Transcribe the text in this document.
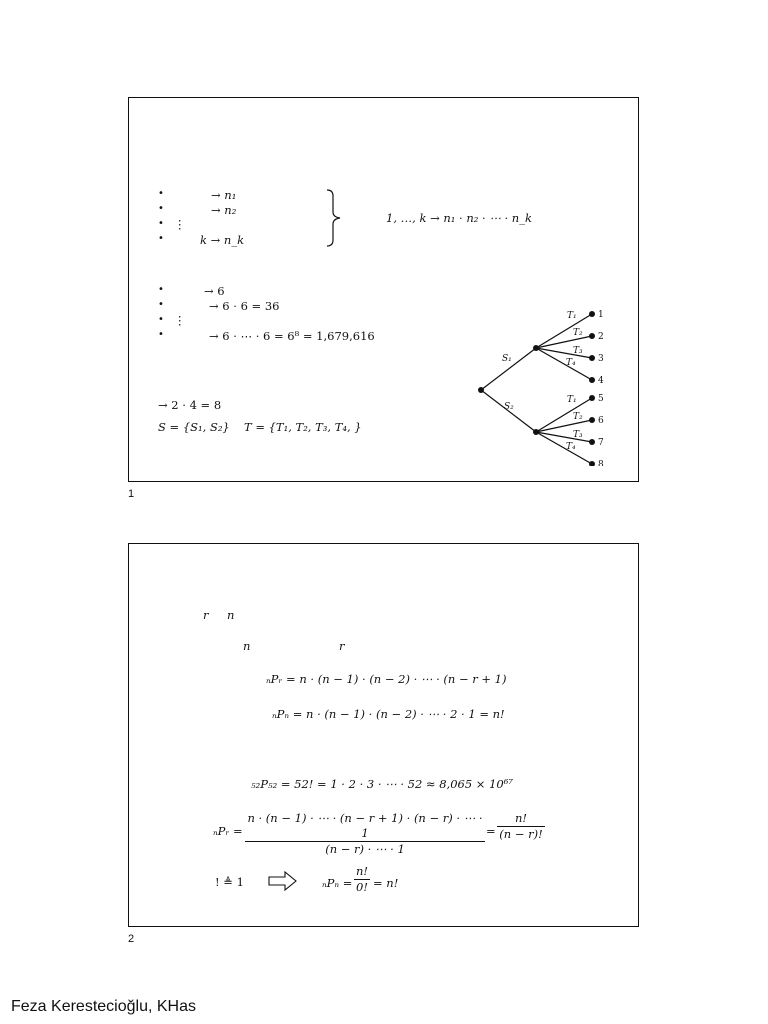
•	→ n₁
•	→ n₂
• ⋮
•	k → n_k
1, …, k → n₁ · n₂ · ⋯ · n_k
•	→ 6
•	→ 6 · 6 = 36
• ⋮
•	→ 6 · ⋯ · 6 = 6⁸ = 1,679,616
→ 2 · 4 = 8
S = {S₁, S₂} T = {T₁, T₂, T₃, T₄, }
S₁
S₂
T₁
T₂
T₃
T₄
T₁
T₂
T₃
T₄
1
2
3
4
5
6
7
8
1
r n
n	r
ₙPᵣ = n · (n − 1) · (n − 2) · ⋯ · (n − r + 1)
ₙPₙ = n · (n − 1) · (n − 2) · ⋯ · 2 · 1 = n!
₅₂P₅₂ = 52! = 1 · 2 · 3 · ⋯ · 52 ≈ 8,065 × 10⁶⁷
ₙPᵣ = $\frac{n \cdot (n - 1) \cdot \cdots \cdot (n - r + 1) \cdot (n - r) \cdot \cdots \cdot 1}{(n - r) \cdot \cdots \cdot 1} = \frac{n!}{(n - r)!}$
! ≜ 1	$_nP_n = \frac{n!}{0!} = n$!
2
Feza Kerestecioğlu, KHas
